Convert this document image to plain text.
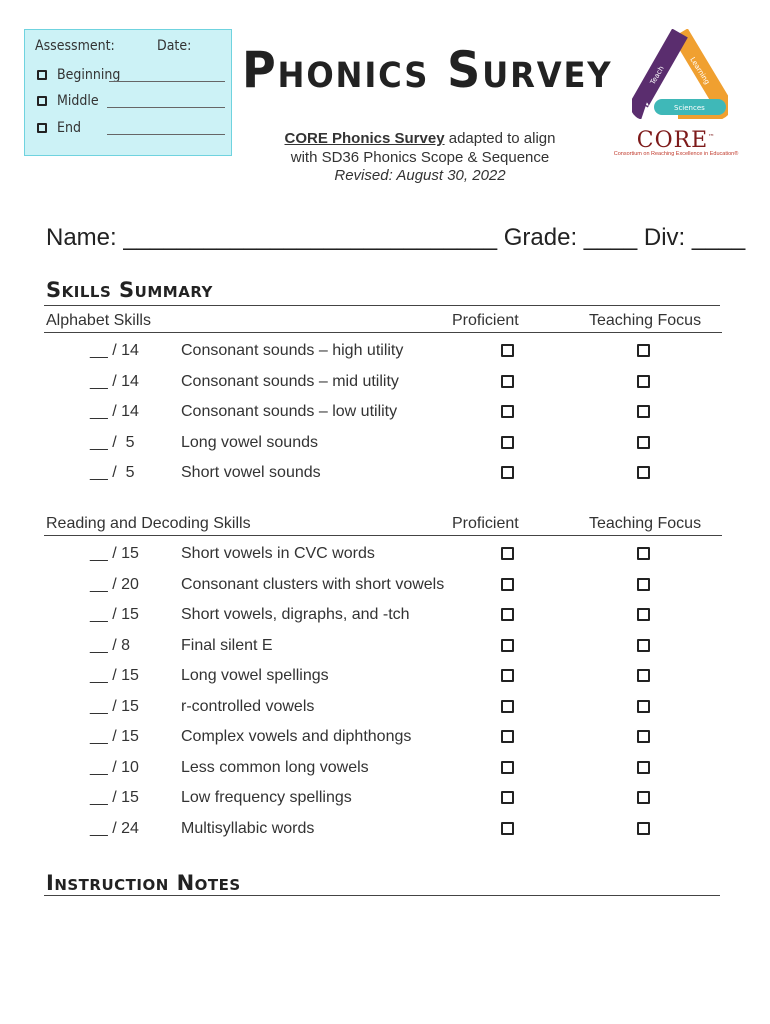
Assessment:	Date:
Beginning
Middle
End
Phonics Survey
CORE Phonics Survey adapted to align
with SD36 Phonics Scope & Sequence
Revised: August 30, 2022
Learning
Teach
Sciences
CORE™
Consortium on Reaching Excellence in Education®
Name: ____________________________ Grade: ____ Div: ____
Skills Summary
Alphabet Skills	Proficient	Teaching Focus
__ / 14	Consonant sounds – high utility
__ / 14	Consonant sounds – mid utility
__ / 14	Consonant sounds – low utility
__ /  5	Long vowel sounds
__ /  5	Short vowel sounds
Reading and Decoding Skills	Proficient	Teaching Focus
__ / 15	Short vowels in CVC words
__ / 20	Consonant clusters with short vowels
__ / 15	Short vowels, digraphs, and -tch
__ / 8	Final silent E
__ / 15	Long vowel spellings
__ / 15	r-controlled vowels
__ / 15	Complex vowels and diphthongs
__ / 10	Less common long vowels
__ / 15	Low frequency spellings
__ / 24	Multisyllabic words
Instruction Notes
